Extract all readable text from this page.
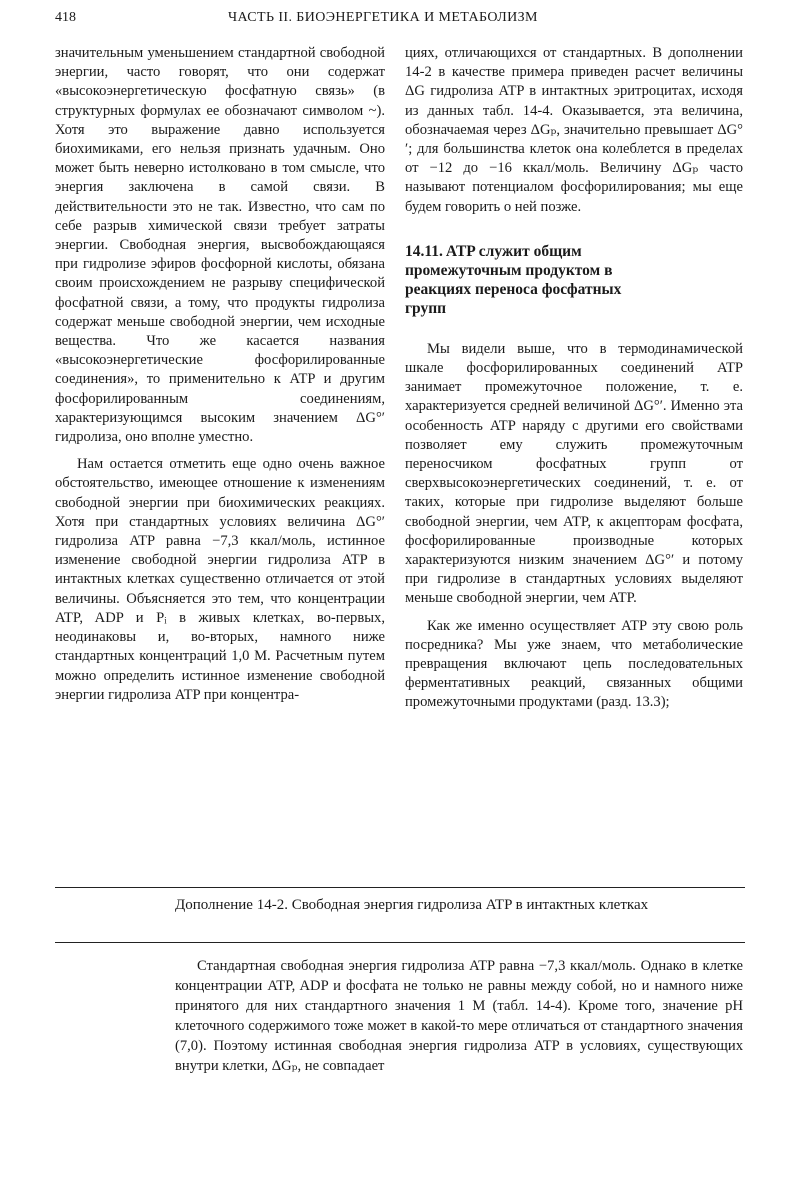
418	ЧАСТЬ II. БИОЭНЕРГЕТИКА И МЕТАБОЛИЗМ

значительным уменьшением стандартной свободной энергии, часто говорят, что они содержат «высокоэнергетическую фосфатную связь» (в структурных формулах ее обозначают символом ~). Хотя это выражение давно используется биохимиками, его нельзя признать удачным. Оно может быть неверно истолковано в том смысле, что энергия заключена в самой связи. В действительности это не так. Известно, что сам по себе разрыв химической связи требует затраты энергии. Свободная энергия, высвобождающаяся при гидролизе эфиров фосфорной кислоты, обязана своим происхождением не разрыву специфической фосфатной связи, а тому, что продукты гидролиза содержат меньше свободной энергии, чем исходные вещества. Что же касается названия «высокоэнергетические фосфорилированные соединения», то применительно к ATP и другим фосфорилированным соединениям, характеризующимся высоким значением ΔG°′ гидролиза, оно вполне уместно.

Нам остается отметить еще одно очень важное обстоятельство, имеющее отношение к изменениям свободной энергии при биохимических реакциях. Хотя при стандартных условиях величина ΔG°′ гидролиза ATP равна −7,3 ккал/моль, истинное изменение свободной энергии гидролиза ATP в интактных клетках существенно отличается от этой величины. Объясняется это тем, что концентрации ATP, ADP и Pᵢ в живых клетках, во-первых, неодинаковы и, во-вторых, намного ниже стандартных концентраций 1,0 M. Расчетным путем можно определить истинное изменение свободной энергии гидролиза ATP при концентра-

циях, отличающихся от стандартных. В дополнении 14-2 в качестве примера приведен расчет величины ΔG гидролиза ATP в интактных эритроцитах, исходя из данных табл. 14-4. Оказывается, эта величина, обозначаемая через ΔGₚ, значительно превышает ΔG°′; для большинства клеток она колеблется в пределах от −12 до −16 ккал/моль. Величину ΔGₚ часто называют потенциалом фосфорилирования; мы еще будем говорить о ней позже.

14.11. ATP служит общим промежуточным продуктом в реакциях переноса фосфатных групп

Мы видели выше, что в термодинамической шкале фосфорилированных соединений ATP занимает промежуточное положение, т. е. характеризуется средней величиной ΔG°′. Именно эта особенность ATP наряду с другими его свойствами позволяет ему служить промежуточным переносчиком фосфатных групп от сверхвысокоэнергетических соединений, т. е. от таких, которые при гидролизе выделяют больше свободной энергии, чем ATP, к акцепторам фосфата, фосфорилированные производные которых характеризуются низким значением ΔG°′ и потому при гидролизе в стандартных условиях выделяют меньше свободной энергии, чем ATP.

Как же именно осуществляет ATP эту свою роль посредника? Мы уже знаем, что метаболические превращения включают цепь последовательных ферментативных реакций, связанных общими промежуточными продуктами (разд. 13.3);

Дополнение 14-2. Свободная энергия гидролиза ATP в интактных клетках

Стандартная свободная энергия гидролиза ATP равна −7,3 ккал/моль. Однако в клетке концентрации ATP, ADP и фосфата не только не равны между собой, но и намного ниже принятого для них стандартного значения 1 M (табл. 14-4). Кроме того, значение pH клеточного содержимого тоже может в какой-то мере отличаться от стандартного значения (7,0). Поэтому истинная свободная энергия гидролиза ATP в условиях, существующих внутри клетки, ΔGₚ, не совпадает
